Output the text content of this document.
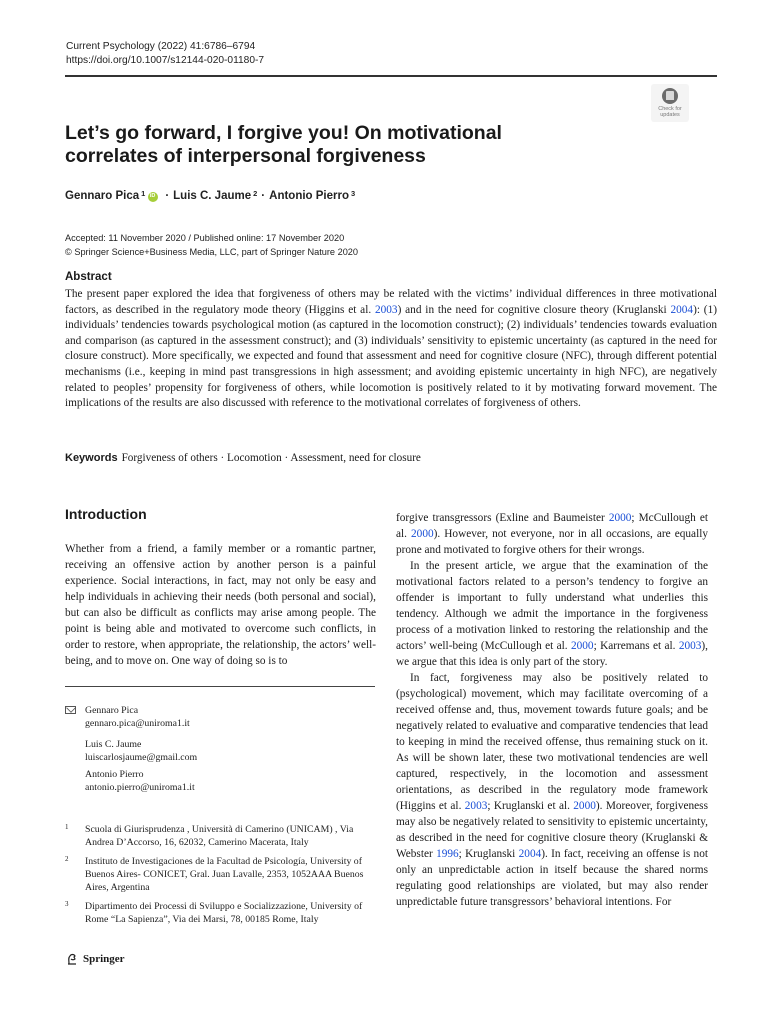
Current Psychology (2022) 41:6786–6794
https://doi.org/10.1007/s12144-020-01180-7
Check for
updates
Let’s go forward, I forgive you! On motivational
correlates of interpersonal forgiveness
Gennaro Pica $^1$ iD · Luis C. Jaume $^2$ · Antonio Pierro $^3$
Accepted: 11 November 2020 / Published online: 17 November 2020
© Springer Science+Business Media, LLC, part of Springer Nature 2020
Abstract
The present paper explored the idea that forgiveness of others may be related with the victims’ individual differences in three motivational factors, as described in the regulatory mode theory (Higgins et al. 2003) and in the need for cognitive closure theory (Kruglanski 2004): (1) individuals’ tendencies towards psychological motion (as captured in the locomotion construct); (2) individuals’ tendencies towards evaluation and comparison (as captured in the assessment construct); and (3) individuals’ sensitivity to epistemic uncertainty (as captured in the need for closure construct). More specifically, we expected and found that assessment and need for cognitive closure (NFC), through different potential mechanisms (i.e., keeping in mind past transgressions in high assessment; and avoiding epistemic uncertainty in high NFC), are negatively related to peoples’ propensity for forgiveness of others, while locomotion is positively related to it by motivating forward movement. The implications of the results are also discussed with reference to the motivational correlates of forgiveness of others.
Keywords Forgiveness of others · Locomotion · Assessment, need for closure
Introduction

Whether from a friend, a family member or a romantic partner, receiving an offensive action by another person is a painful experience. Social interactions, in fact, may not only be easy and help individuals in achieving their needs (both personal and social), but can also be difficult as conflicts may arise among people. The point is being able and motivated to overcome such conflicts, in order to restore, when appropriate, the relationship, the actors’ well-being, and to move on. One way of doing so is to

forgive transgressors (Exline and Baumeister 2000; McCullough et al. 2000). However, not everyone, nor in all occasions, are equally prone and motivated to forgive others for their wrongs.

In the present article, we argue that the examination of the motivational factors related to a person’s tendency to forgive an offender is important to fully understand what underlies this tendency. Although we admit the importance in the forgiveness process of a motivation linked to restoring the relationship and the actors’ well-being (McCullough et al. 2000; Karremans et al. 2003), we argue that this idea is only part of the story.

In fact, forgiveness may also be positively related to (psychological) movement, which may facilitate overcoming of a received offense and, thus, movement towards future goals; and be negatively related to evaluative and comparative tendencies that lead to keeping in mind the received offense, thus remaining stuck on it. As will be shown later, these two motivational tendencies are well captured, respectively, in the locomotion and assessment orientations, as described in the regulatory mode framework (Higgins et al. 2003; Kruglanski et al. 2000). Moreover, forgiveness may also be negatively related to sensitivity to epistemic uncertainty, as described in the need for cognitive closure theory (Kruglanski & Webster 1996; Kruglanski 2004). In fact, receiving an offense is not only an unpredictable action in itself because the shared norms regulating good relationships are violated, but may also render unpredictable future transgressors’ behavioral intentions. For

Gennaro Pica
gennaro.pica@uniroma1.it
Luis C. Jaume
luiscarlosjaume@gmail.com
Antonio Pierro
antonio.pierro@uniroma1.it
1 Scuola di Giurisprudenza , Università di Camerino (UNICAM) , Via Andrea D’Accorso, 16, 62032, Camerino Macerata, Italy
2 Instituto de Investigaciones de la Facultad de Psicología, University of Buenos Aires- CONICET, Gral. Juan Lavalle, 2353, 1052AAA Buenos Aires, Argentina
3 Dipartimento dei Processi di Sviluppo e Socializzazione, University of Rome “La Sapienza”, Via dei Marsi, 78, 00185 Rome, Italy
Springer
